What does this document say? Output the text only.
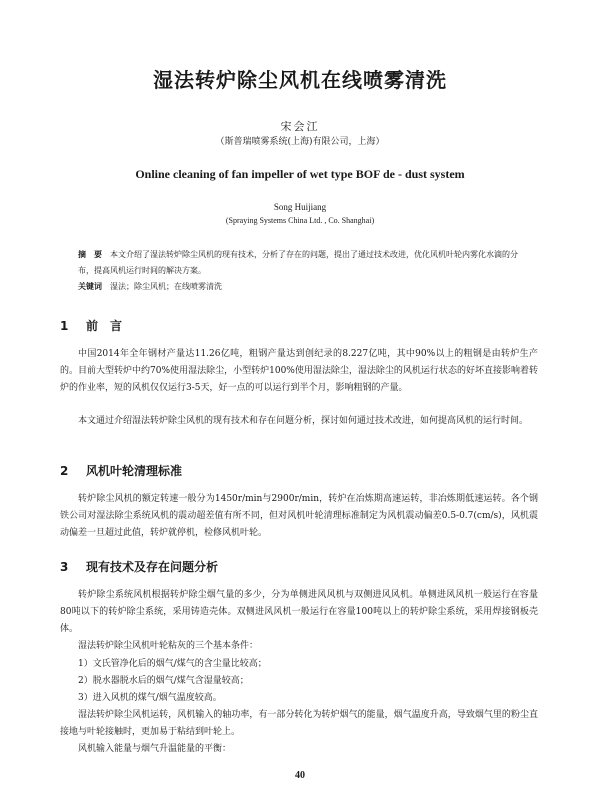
湿法转炉除尘风机在线喷雾清洗
宋会江
（斯普瑞喷雾系统(上海)有限公司，上海）
Online cleaning of fan impeller of wet type BOF de - dust system
Song Huijiang
(Spraying Systems China Ltd. , Co. Shanghai)
摘　要 本文介绍了湿法转炉除尘风机的现有技术，分析了存在的问题，提出了通过技术改进，优化风机叶轮内雾化水滴的分布，提高风机运行时间的解决方案。
关键词 湿法；除尘风机；在线喷雾清洗
1 前　言
中国2014年全年钢材产量达11.26亿吨，粗钢产量达到创纪录的8.227亿吨，其中90%以上的粗钢是由转炉生产的。目前大型转炉中约70%使用湿法除尘，小型转炉100%使用湿法除尘，湿法除尘的风机运行状态的好坏直接影响着转炉的作业率，短的风机仅仅运行3-5天，好一点的可以运行到半个月，影响粗钢的产量。
本文通过介绍湿法转炉除尘风机的现有技术和存在问题分析，探讨如何通过技术改进，如何提高风机的运行时间。
2 风机叶轮清理标准
转炉除尘风机的额定转速一般分为1450r/min与2900r/min，转炉在冶炼期高速运转，非冶炼期低速运转。各个钢铁公司对湿法除尘系统风机的震动超差值有所不同，但对风机叶轮清理标准制定为风机震动偏差0.5-0.7(cm/s)，风机震动偏差一旦超过此值，转炉就停机，检修风机叶轮。
3 现有技术及存在问题分析
转炉除尘系统风机根据转炉除尘烟气量的多少，分为单侧进风风机与双侧进风风机。单侧进风风机一般运行在容量80吨以下的转炉除尘系统，采用铸造壳体。双侧进风风机一般运行在容量100吨以上的转炉除尘系统，采用焊接钢板壳体。
湿法转炉除尘风机叶轮粘灰的三个基本条件：
1）文氏管净化后的烟气/煤气的含尘量比较高；
2）脱水器脱水后的烟气/煤气含湿量较高；
3）进入风机的煤气/烟气温度较高。
湿法转炉除尘风机运转，风机输入的轴功率，有一部分转化为转炉烟气的能量，烟气温度升高，导致烟气里的粉尘直接地与叶轮接触时，更加易于粘结到叶轮上。
风机输入能量与烟气升温能量的平衡：
40
